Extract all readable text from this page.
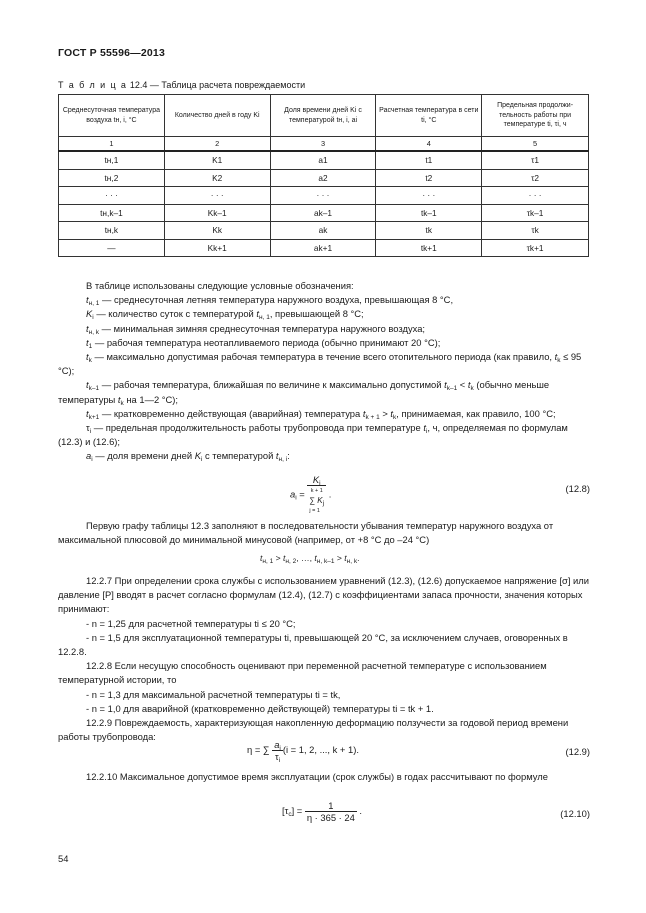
ГОСТ Р 55596—2013
Т а б л и ц а 12.4 — Таблица расчета повреждаемости
Среднесуточная температура воздуха tн, i, °С	Количество дней в году Ki	Доля времени дней Ki с температурой tн, i, ai	Расчетная температура в сети ti, °С	Предельная продолжительность работы при температуре ti, τi, ч
1	2	3	4	5
tн,1	K1	a1	t1	τ1
tн,2	K2	a2	t2	τ2
· · ·	· · ·	· · ·	· · ·	· · ·
tн,k–1	Kk–1	ak–1	tk–1	τk–1
tн,k	Kk	ak	tk	τk
—	Kk+1	ak+1	tk+1	τk+1

В таблице использованы следующие условные обозначения:

$t_{н, 1}$ — среднесуточная летняя температура наружного воздуха, превышающая 8 °С,

$K_i$ — количество суток с температурой $t_{н, 1}$, превышающей 8 °С;

$t_{н, k}$ — минимальная зимняя среднесуточная температура наружного воздуха;

$t_1$ — рабочая температура неотапливаемого периода (обычно принимают 20 °С);

$t_k$ — максимально допустимая рабочая температура в течение всего отопительного периода (как правило, $t_k \le 95$ °С);

$t_{k-1}$ — рабочая температура, ближайшая по величине к максимально допустимой $t_{k-1} < t_k$ (обычно меньше температуры $t_k$ на 1—2 °С);

$t_{k+1}$ — кратковременно действующая (аварийная) температура $t_{k + 1} > t_k$, принимаемая, как правило, 100 °С;

$\tau_i$ — предельная продолжительность работы трубопровода при температуре $t_i$, ч, определяемая по формулам (12.3) и (12.6);

$a_i$ — доля времени дней $K_i$ с температурой $t_{н, i}$:

$a_i = K_i$
k + 1
∑ $K_j$
j = 1 .	(12.8)

Первую графу таблицы 12.3 заполняют в последовательности убывания температур наружного воздуха от максимальной плюсовой до минимальной минусовой (например, от +8 °С до –24 °С)

$t_{н, 1} > t_{н, 2}$, …, $t_{н, k-1} > t_{н, k}$.

12.2.7 При определении срока службы с использованием уравнений (12.3), (12.6) допускаемое напряжение [σ] или давление [P] вводят в расчет согласно формулам (12.4), (12.7) с коэффициентами запаса прочности, значения которых принимают:

- n = 1,25 для расчетной температуры ti ≤ 20 °С;

- n = 1,5 для эксплуатационной температуры ti, превышающей 20 °С, за исключением случаев, оговоренных в 12.2.8.

12.2.8 Если несущую способность оценивают при переменной расчетной температуре с использованием температурной истории, то

- n = 1,3 для максимальной расчетной температуры ti = tk,

- n = 1,0 для аварийной (кратковременно действующей) температуры ti = tk + 1.

12.2.9 Повреждаемость, характеризующая накопленную деформацию ползучести за годовой период времени работы трубопровода:

η = ∑ $\frac{a_i}{\tau_i} (i = 1$, 2, ..., k + 1).	(12.9)

12.2.10 Максимальное допустимое время эксплуатации (срок службы) в годах рассчитывают по формуле

$[\tau_c] = \frac{1}{\eta \cdot 365 \cdot 24}$ .	(12.10)
54
